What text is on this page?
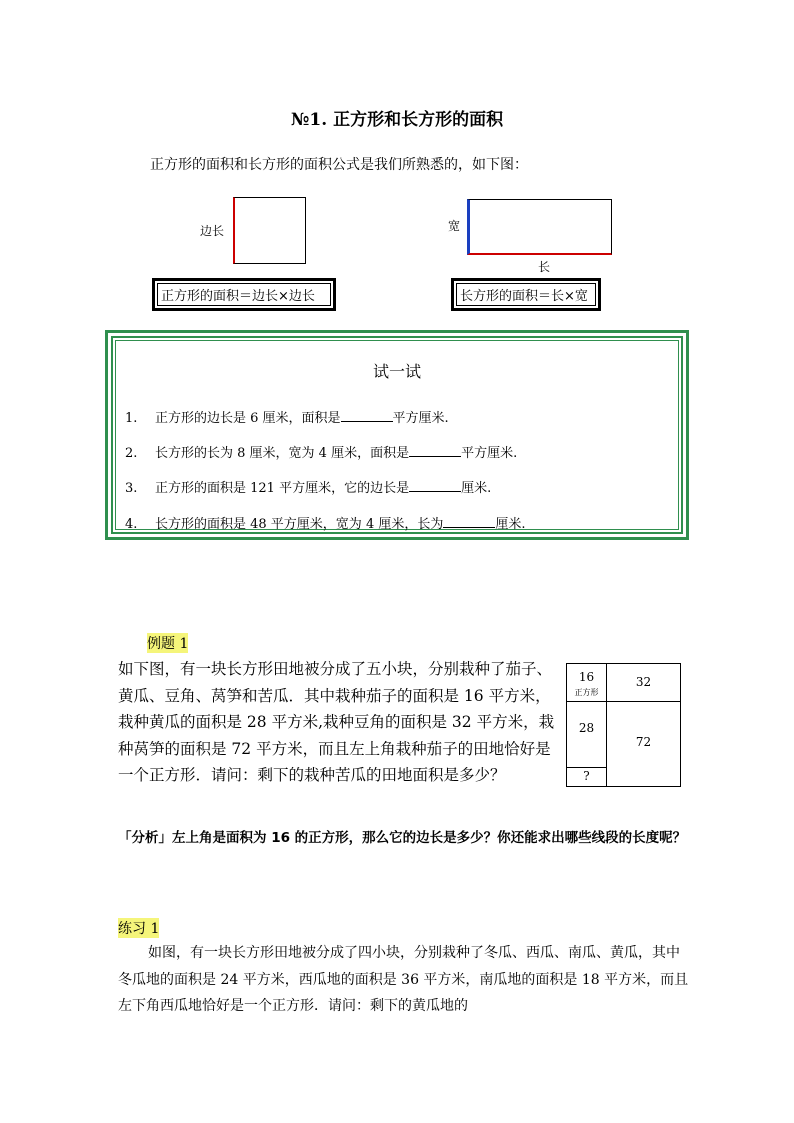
№1. 正方形和长方形的面积
正方形的面积和长方形的面积公式是我们所熟悉的，如下图：
边长	宽
长
正方形的面积＝边长×边长	长方形的面积＝长×宽
试一试
1. 正方形的边长是 6 厘米，面积是	平方厘米.
2. 长方形的长为 8 厘米，宽为 4 厘米，面积是	平方厘米.
3. 正方形的面积是 121 平方厘米，它的边长是	厘米.
4. 长方形的面积是 48 平方厘米，宽为 4 厘米，长为	厘米.
例题 1
如下图，有一块长方形田地被分成了五小块，分别栽种了茄子、黄瓜、豆角、莴笋和苦瓜．其中栽种茄子的面积是 16 平方米，栽种黄瓜的面积是 28 平方米,栽种豆角的面积是 32 平方米，栽种莴笋的面积是 72 平方米，而且左上角栽种茄子的田地恰好是一个正方形．请问：剩下的栽种苦瓜的田地面积是多少？
16
正方形
32
28
72
?
「分析」左上角是面积为 16 的正方形，那么它的边长是多少？你还能求出哪些线段的长度呢？
练习 1
如图，有一块长方形田地被分成了四小块，分别栽种了冬瓜、西瓜、南瓜、黄瓜，其中冬瓜地的面积是 24 平方米，西瓜地的面积是 36 平方米，南瓜地的面积是 18 平方米，而且左下角西瓜地恰好是一个正方形．请问：剩下的黄瓜地的
